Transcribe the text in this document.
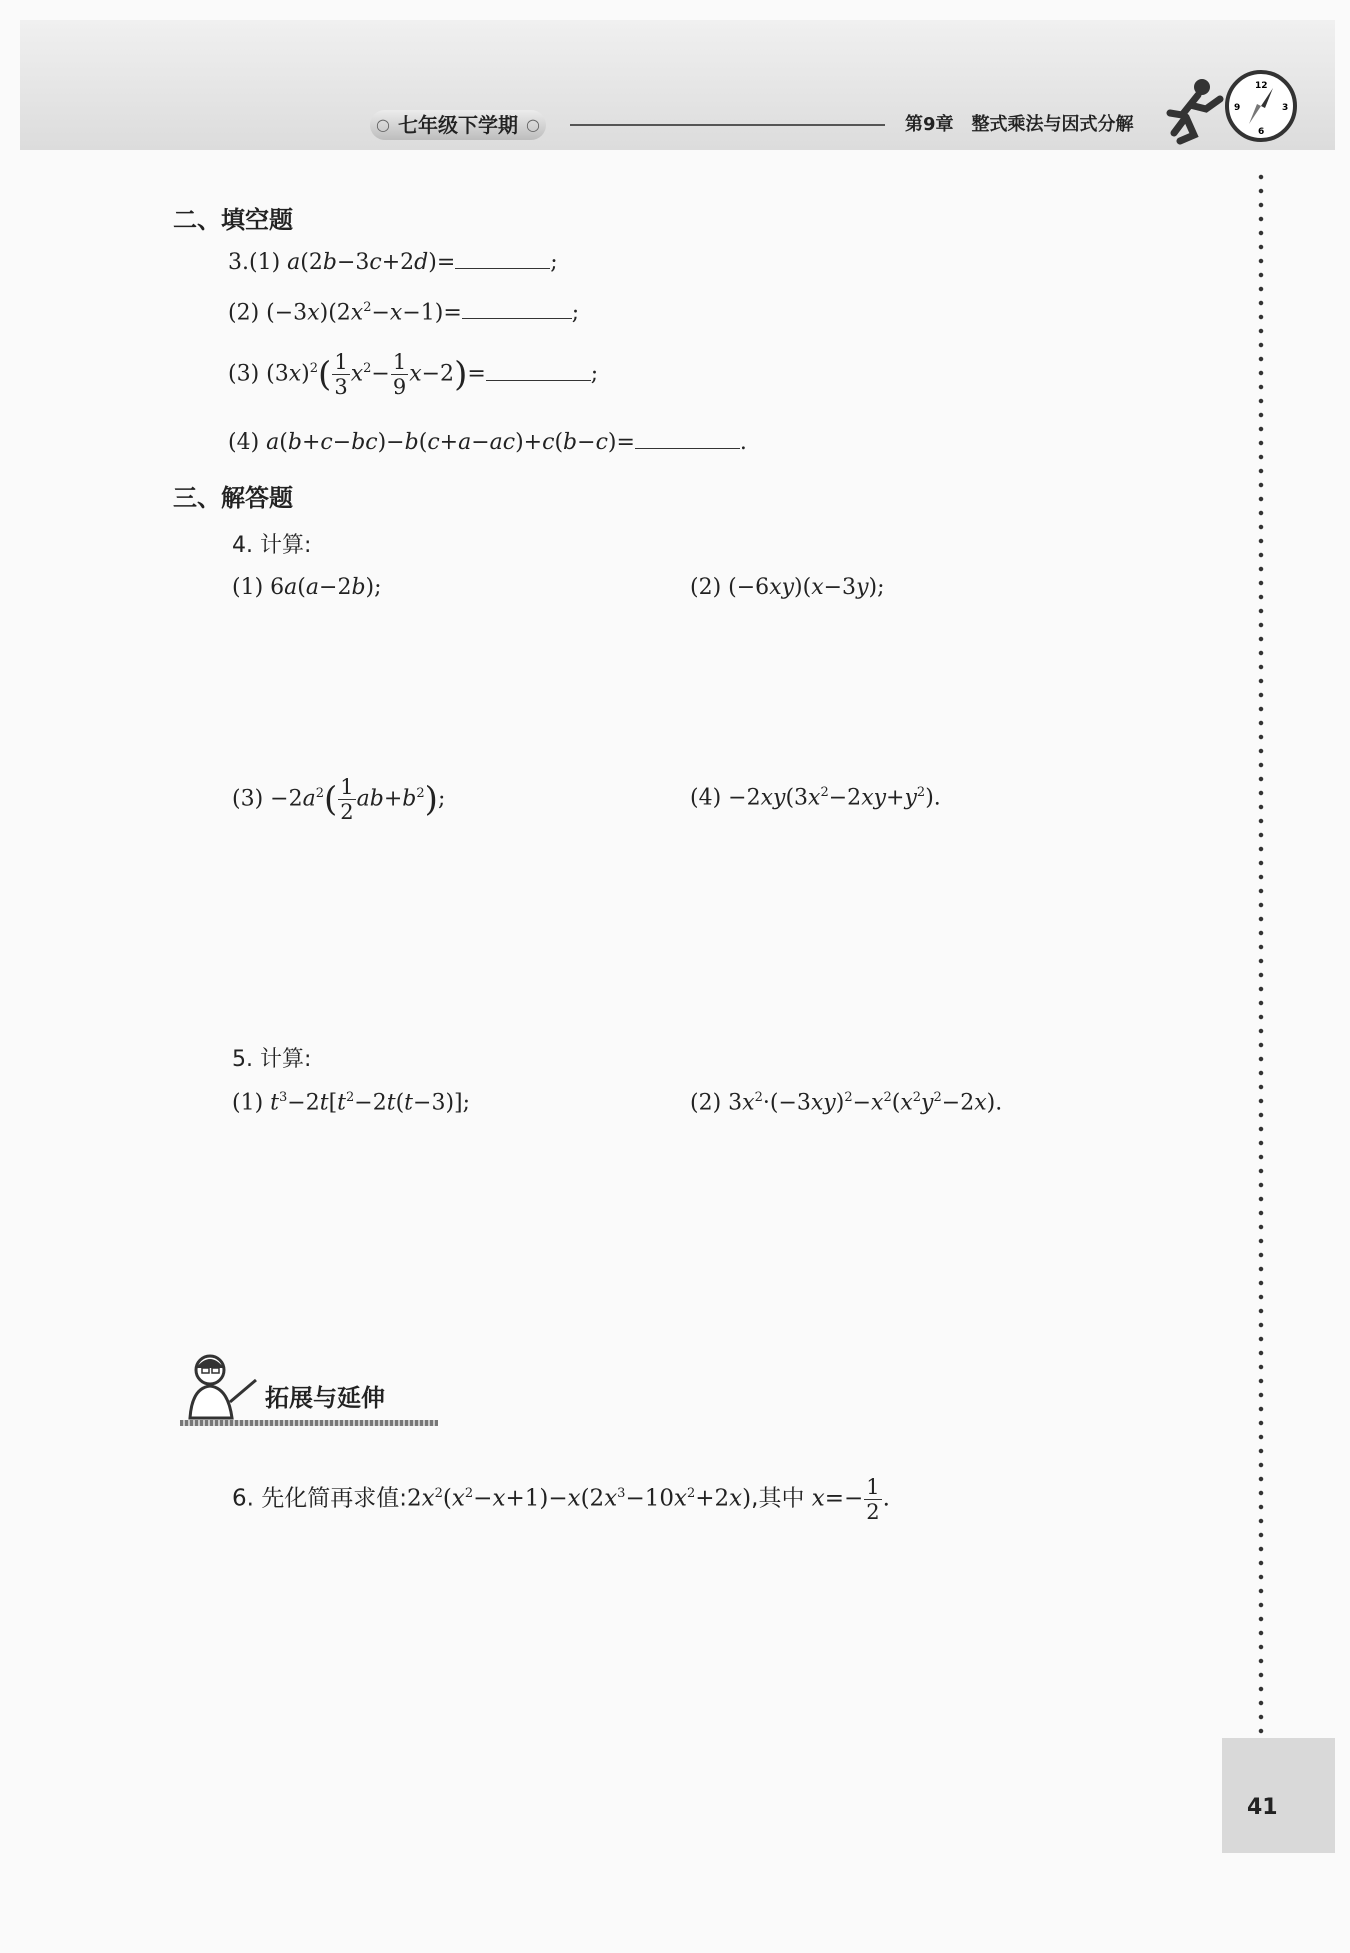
○ 七年级下学期 ○	第9章 整式乘法与因式分解
12
3
6
9
二、填空题
3.(1) a(2b−3c+2d)=	;
(2) $(-3x)(2x^2-x-1)=$	;
(3) $(3x)^2( \frac{1}{3} x^2- \frac{1}{9} x-2)=$	;
(4) a(b+c−bc)−b(c+a−ac)+c(b−c)=	.
三、解答题
4. 计算:
(1) 6a(a−2b);	(2) (−6xy)(x−3y);
$(3) -2a^2( \frac{1}{2} ab+b^2)$;	$(4) -2xy(3x^2-2xy+y^2)$.
5. 计算:
(1) $t^3-2t[t^2-2t(t-3)]$;	(2) $3x^2\cdot(-3xy)^2-x^2(x^2y^2-2x)$.
拓展与延伸
6. 先化简再求值$:2x^2(x^2-x+1)-x(2x^3-10x^2+2x)$,其中 $x=- \frac{1}{2}$ .
41
